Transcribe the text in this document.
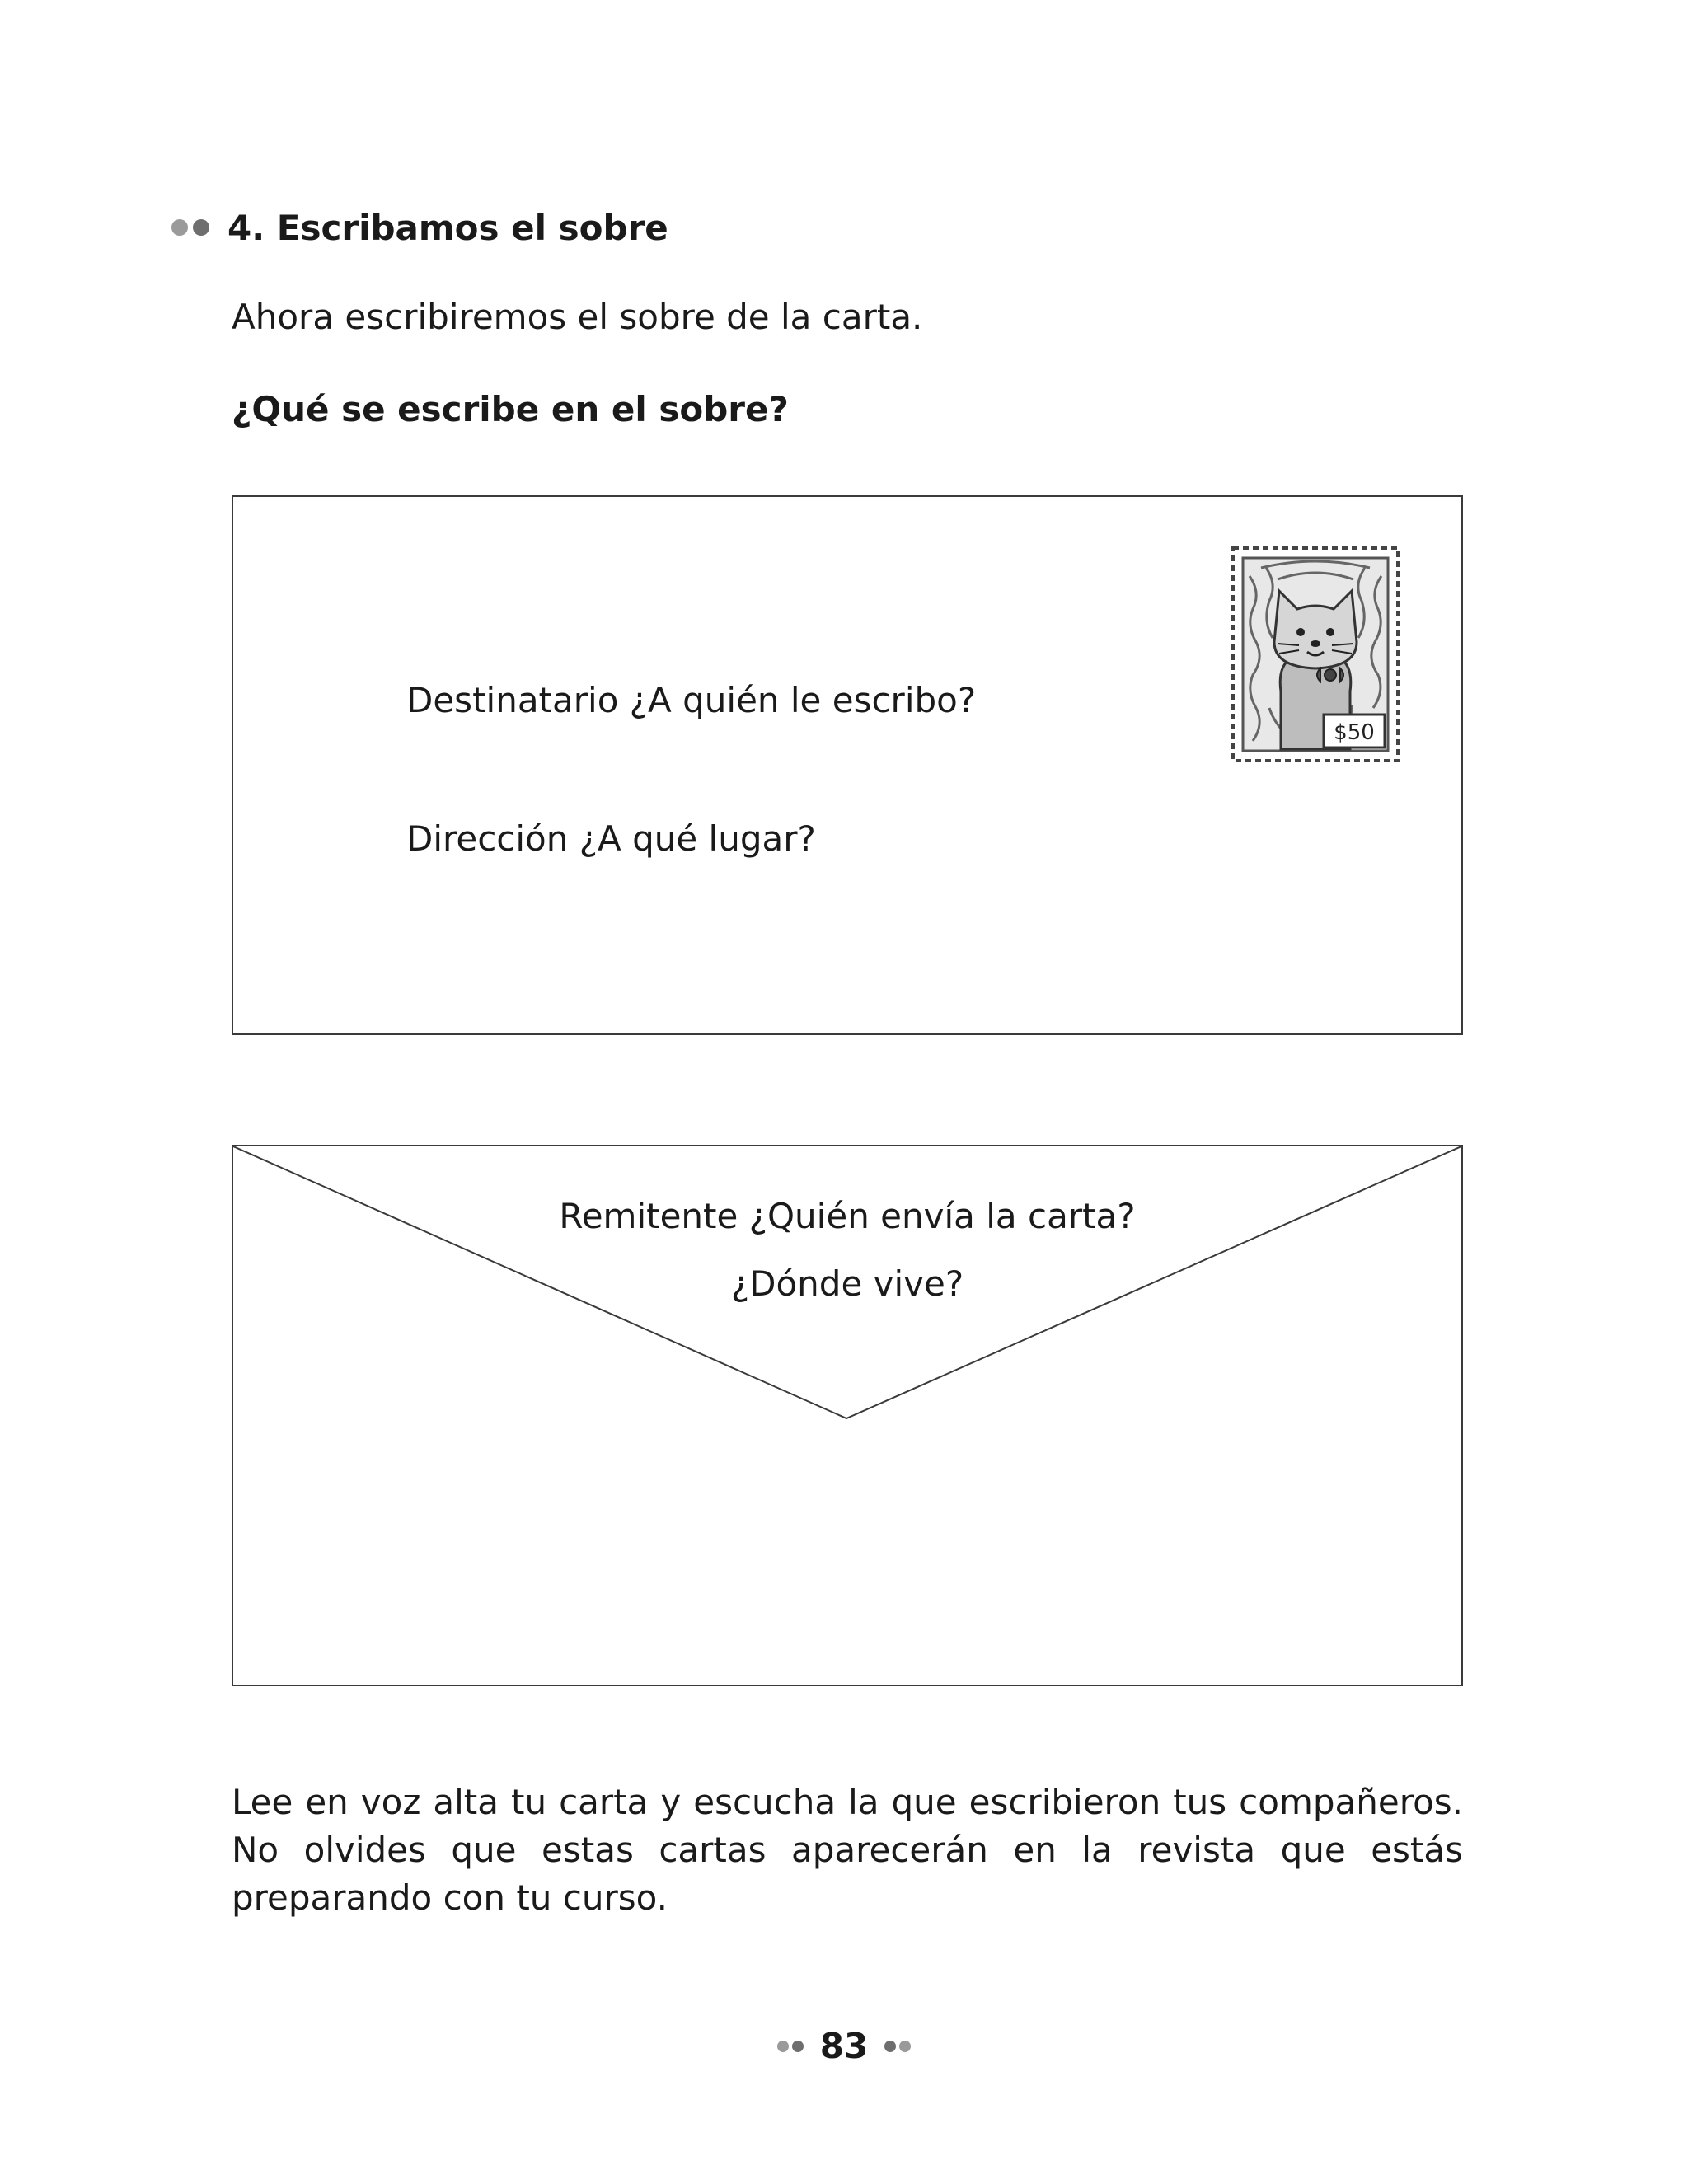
4. Escribamos el sobre
Ahora escribiremos el sobre de la carta.
¿Qué se escribe en el sobre?
Destinatario ¿A quién le escribo?
Dirección ¿A qué lugar?
$50
Remitente ¿Quién envía la carta?
¿Dónde vive?
Lee en voz alta tu carta y escucha la que escribieron tus compañeros. No olvides que estas cartas aparecerán en la revista que estás preparando con tu curso.
83
